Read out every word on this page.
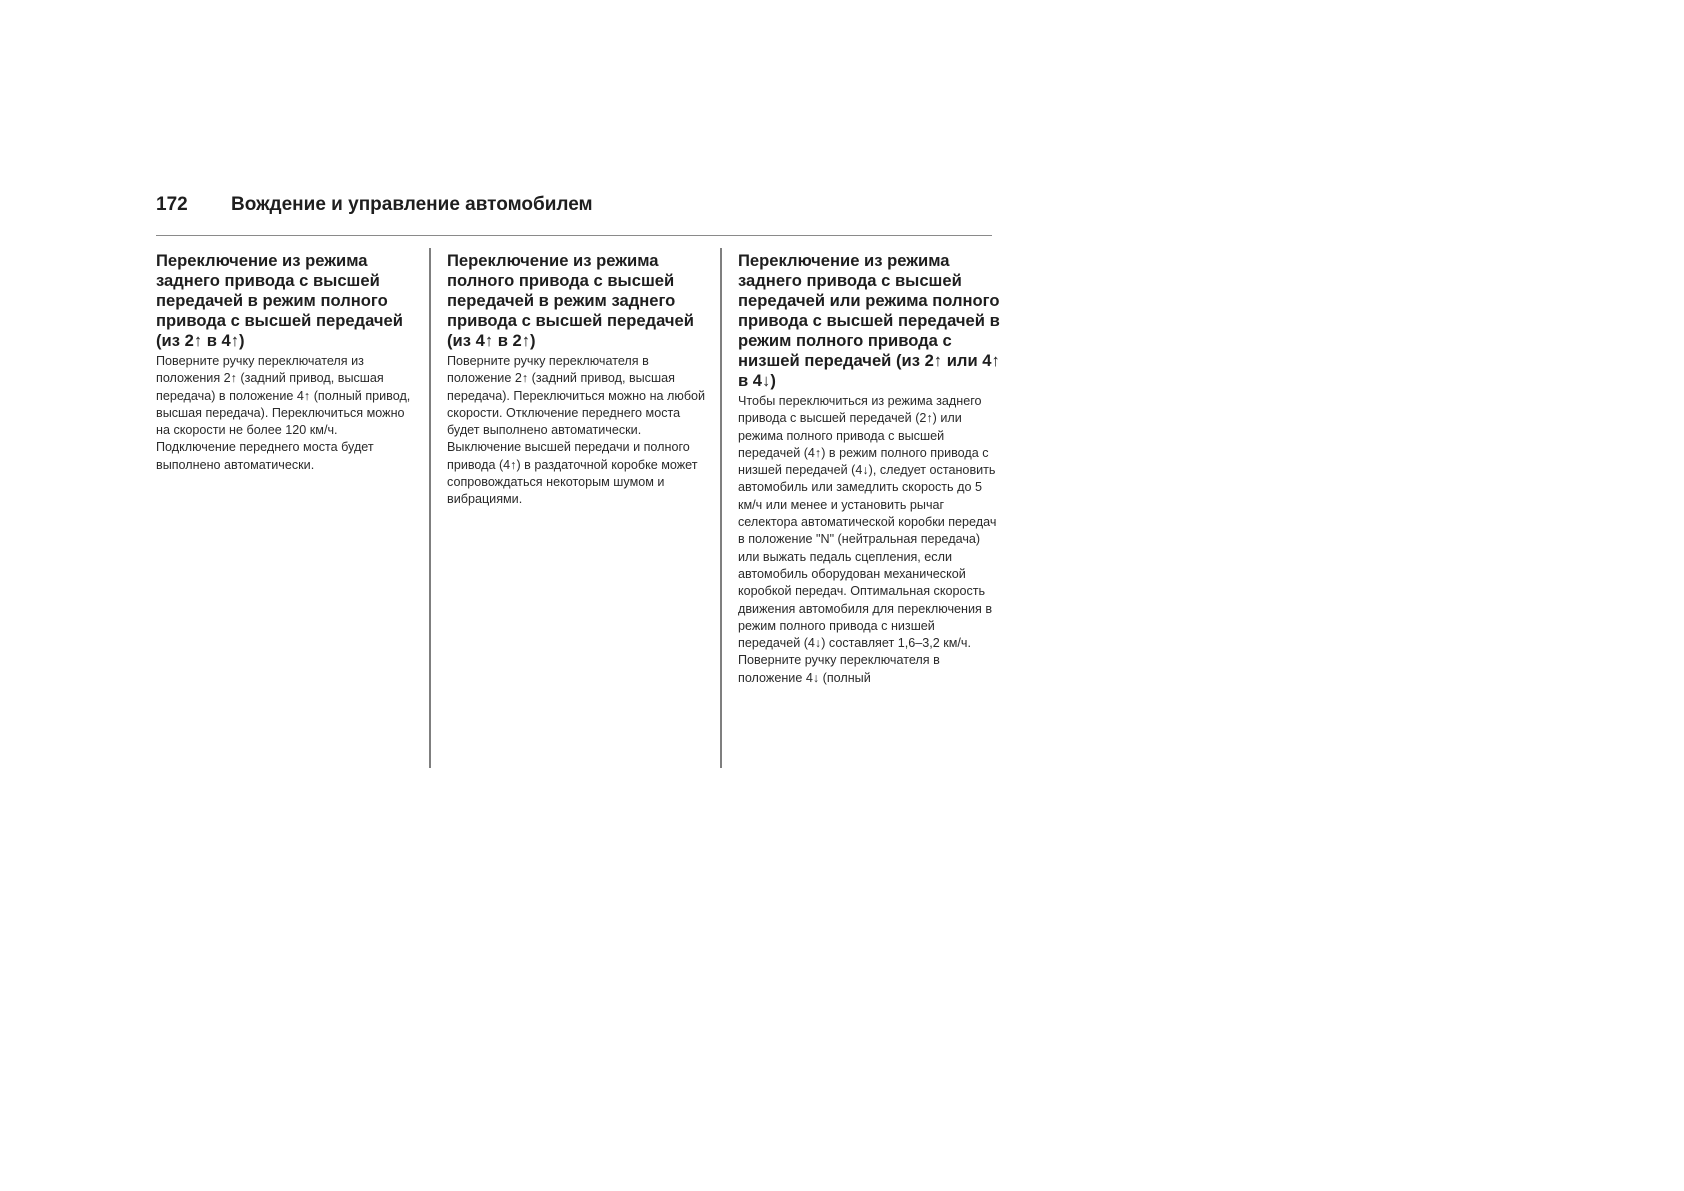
172 Вождение и управление автомобилем
Переключение из режима заднего привода с высшей передачей в режим полного привода с высшей передачей (из 2↑ в 4↑)

Поверните ручку переключателя из положения 2↑ (задний привод, высшая передача) в положение 4↑ (полный привод, высшая передача). Переключиться можно на скорости не более 120 км/ч. Подключение переднего моста будет выполнено автоматически.

Переключение из режима полного привода с высшей передачей в режим заднего привода с высшей передачей (из 4↑ в 2↑)

Поверните ручку переключателя в положение 2↑ (задний привод, высшая передача). Переключиться можно на любой скорости. Отключение переднего моста будет выполнено автоматически. Выключение высшей передачи и полного привода (4↑) в раздаточной коробке может сопровождаться некоторым шумом и вибрациями.

Переключение из режима заднего привода с высшей передачей или режима полного привода с высшей передачей в режим полного привода с низшей передачей (из 2↑ или 4↑ в 4↓)

Чтобы переключиться из режима заднего привода с высшей передачей (2↑) или режима полного привода с высшей передачей (4↑) в режим полного привода с низшей передачей (4↓), следует остановить автомобиль или замедлить скорость до 5 км/ч или менее и установить рычаг селектора автоматической коробки передач в положение "N" (нейтральная передача) или выжать педаль сцепления, если автомобиль оборудован механической коробкой передач. Оптимальная скорость движения автомобиля для переключения в режим полного привода с низшей передачей (4↓) составляет 1,6–3,2 км/ч. Поверните ручку переключателя в положение 4↓ (полный
